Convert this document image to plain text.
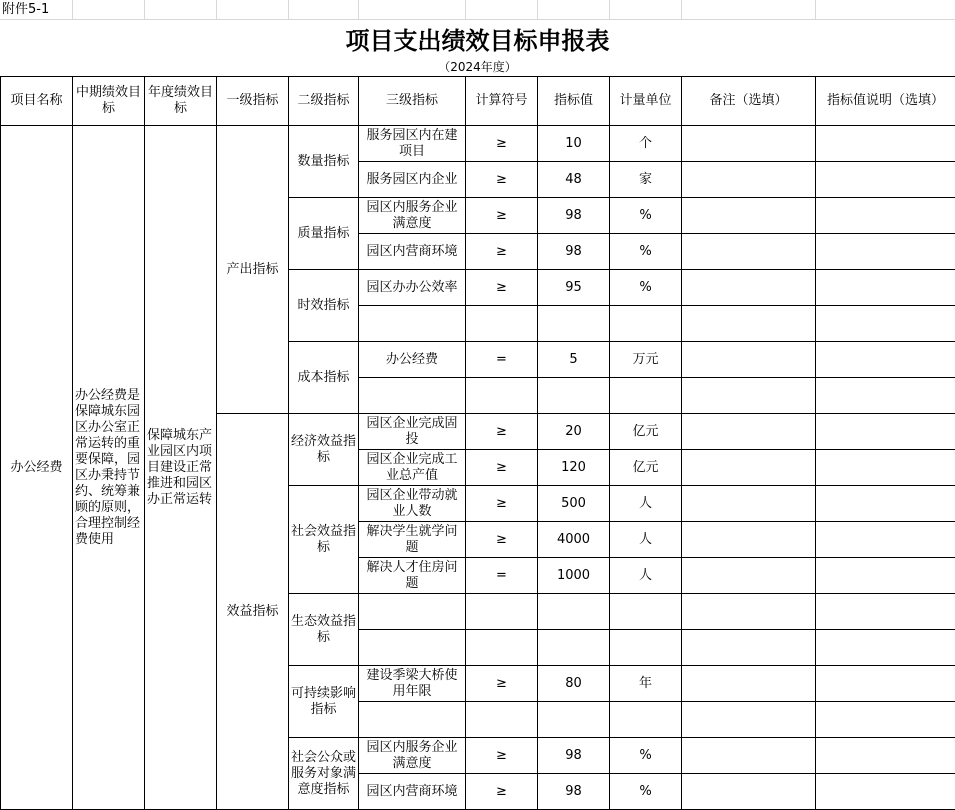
附件5-1
项目支出绩效目标申报表
（2024年度）
项目名称	中期绩效目标	年度绩效目标	一级指标	二级指标	三级指标	计算符号	指标值	计量单位	备注（选填）	指标值说明（选填）
办公经费	办公经费是保障城东园区办公室正常运转的重要保障，园区办秉持节约、统筹兼顾的原则，合理控制经费使用	保障城东产业园区内项目建设正常推进和园区办正常运转	产出指标	数量指标	服务园区内在建项目	≥	10	个		
					服务园区内企业	≥	48	家		
				质量指标	园区内服务企业满意度	≥	98	%		
					园区内营商环境	≥	98	%		
				时效指标	园区办办公效率	≥	95	%		

				成本指标	办公经费	=	5	万元		

			效益指标	经济效益指标	园区企业完成固投	≥	20	亿元		
					园区企业完成工业总产值	≥	120	亿元		
				社会效益指标	园区企业带动就业人数	≥	500	人		
					解决学生就学问题	≥	4000	人		
					解决人才住房问题	=	1000	人		
				生态效益指标						

				可持续影响指标	建设季梁大桥使用年限	≥	80	年		

				社会公众或服务对象满意度指标	园区内服务企业满意度	≥	98	%		
					园区内营商环境	≥	98	%		
